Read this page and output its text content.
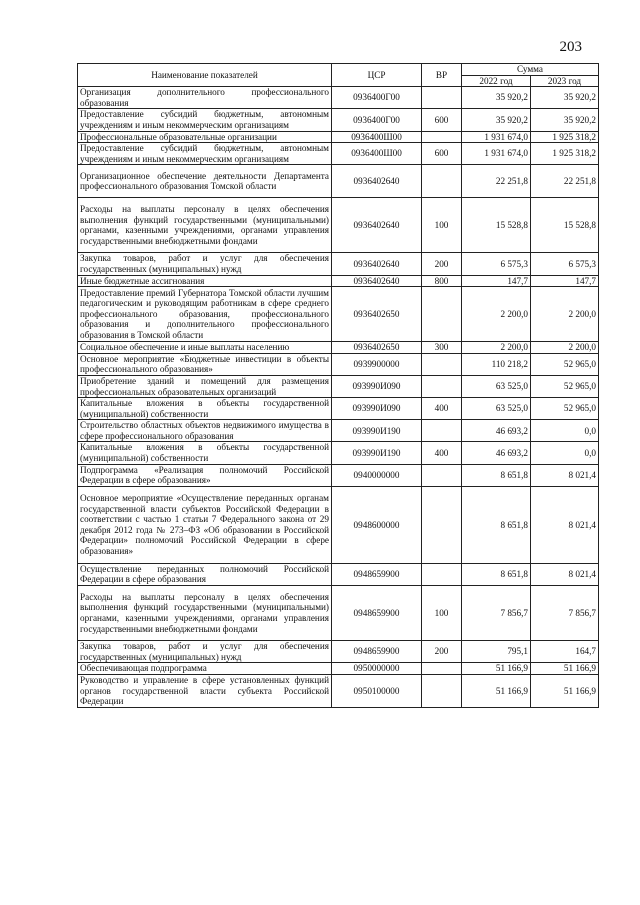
203
Наименование показателей	ЦСР	ВР	Сумма	
			2022 год	2023 год
Организация дополнительного профессионального образования	0936400Г00		35 920,2	35 920,2
Предоставление субсидий бюджетным, автономным учреждениям и иным некоммерческим организациям	0936400Г00	600	35 920,2	35 920,2
Профессиональные образовательные организации	0936400Ш00		1 931 674,0	1 925 318,2
Предоставление субсидий бюджетным, автономным учреждениям и иным некоммерческим организациям	0936400Ш00	600	1 931 674,0	1 925 318,2
Организационное обеспечение деятельности Департамента профессионального образования Томской области	0936402640		22 251,8	22 251,8
Расходы на выплаты персоналу в целях обеспечения выполнения функций государственными (муниципальными) органами, казенными учреждениями, органами управления государственными внебюджетными фондами	0936402640	100	15 528,8	15 528,8
Закупка товаров, работ и услуг для обеспечения государственных (муниципальных) нужд	0936402640	200	6 575,3	6 575,3
Иные бюджетные ассигнования	0936402640	800	147,7	147,7
Предоставление премий Губернатора Томской области лучшим педагогическим и руководящим работникам в сфере среднего профессионального образования, профессионального образования и дополнительного профессионального образования в Томской области	0936402650		2 200,0	2 200,0
Социальное обеспечение и иные выплаты населению	0936402650	300	2 200,0	2 200,0
Основное мероприятие «Бюджетные инвестиции в объекты профессионального образования»	0939900000		110 218,2	52 965,0
Приобретение зданий и помещений для размещения профессиональных образовательных организаций	093990И090		63 525,0	52 965,0
Капитальные вложения в объекты государственной (муниципальной) собственности	093990И090	400	63 525,0	52 965,0
Строительство областных объектов недвижимого имущества в сфере профессионального образования	093990И190		46 693,2	0,0
Капитальные вложения в объекты государственной (муниципальной) собственности	093990И190	400	46 693,2	0,0
Подпрограмма «Реализация полномочий Российской Федерации в сфере образования»	0940000000		8 651,8	8 021,4
Основное мероприятие «Осуществление переданных органам государственной власти субъектов Российской Федерации в соответствии с частью 1 статьи 7 Федерального закона от 29 декабря 2012 года № 273–ФЗ «Об образовании в Российской Федерации» полномочий Российской Федерации в сфере образования»	0948600000		8 651,8	8 021,4
Осуществление переданных полномочий Российской Федерации в сфере образования	0948659900		8 651,8	8 021,4
Расходы на выплаты персоналу в целях обеспечения выполнения функций государственными (муниципальными) органами, казенными учреждениями, органами управления государственными внебюджетными фондами	0948659900	100	7 856,7	7 856,7
Закупка товаров, работ и услуг для обеспечения государственных (муниципальных) нужд	0948659900	200	795,1	164,7
Обеспечивающая подпрограмма	0950000000		51 166,9	51 166,9
Руководство и управление в сфере установленных функций органов государственной власти субъекта Российской Федерации	0950100000		51 166,9	51 166,9
